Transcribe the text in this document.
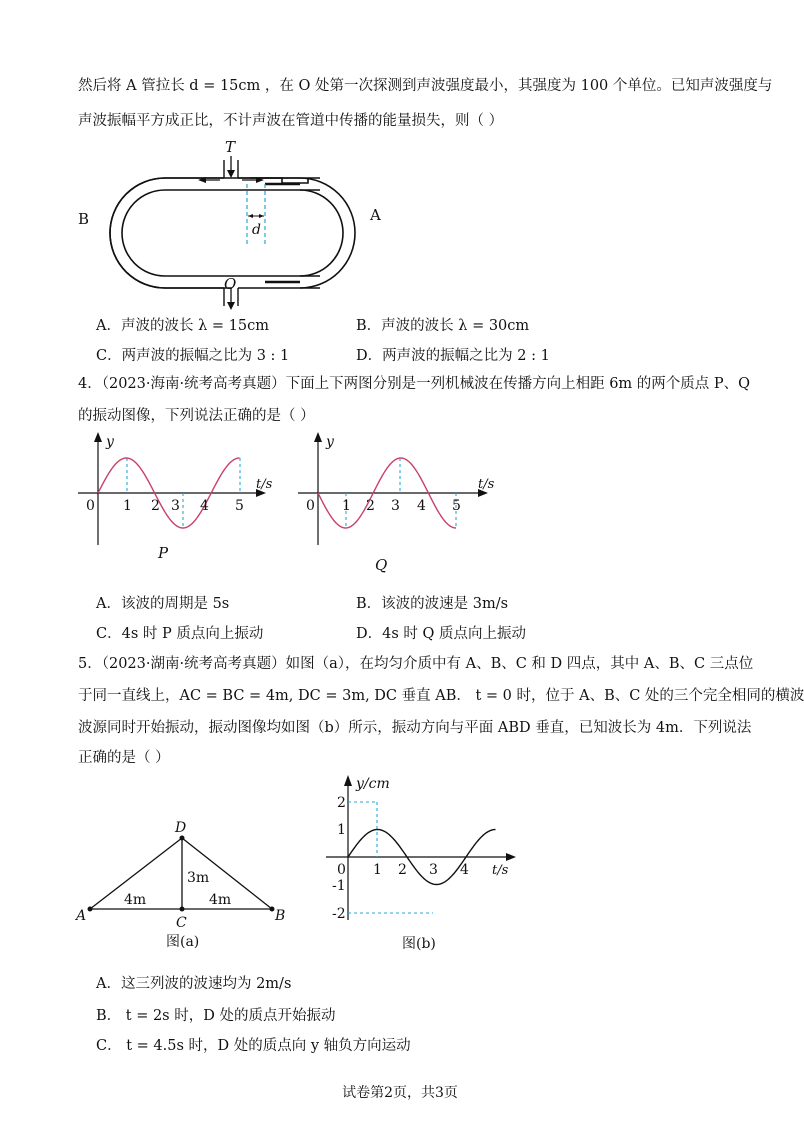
然后将 A 管拉长 d = 15cm ，在 O 处第一次探测到声波强度最小，其强度为 100 个单位。已知声波强度与
声波振幅平方成正比，不计声波在管道中传播的能量损失，则（ ）
d
T
B	A
O
A．声波的波长 λ = 15cm	B．声波的波长 λ = 30cm
C．两声波的振幅之比为 3 : 1	D．两声波的振幅之比为 2 : 1
4．（2023·海南·统考高考真题）下面上下两图分别是一列机械波在传播方向上相距 6m 的两个质点 P、Q
的振动图像，下列说法正确的是（ ）
y
t/s
0 1 2 3 4 5
P
y
t/s
0 1 2 3 4 5
Q
A．该波的周期是 5s	B．该波的波速是 3m/s
C．4s 时 P 质点向上振动	D．4s 时 Q 质点向上振动
5．（2023·湖南·统考高考真题）如图（a），在均匀介质中有 A、B、C 和 D 四点，其中 A、B、C 三点位
于同一直线上，AC = BC = 4m, DC = 3m, DC 垂直 AB． t = 0 时，位于 A、B、C 处的三个完全相同的横波
波源同时开始振动，振动图像均如图（b）所示，振动方向与平面 ABD 垂直，已知波长为 4m．下列说法
正确的是（ ）
D
A	B
C
3m
4m	4m
图(a)
y/cm
t/s
0
2
1
-1
-2
1 2 3 4
图(b)
A．这三列波的波速均为 2m/s
B． t = 2s 时，D 处的质点开始振动
C． t = 4.5s 时，D 处的质点向 y 轴负方向运动
试卷第2页，共3页
